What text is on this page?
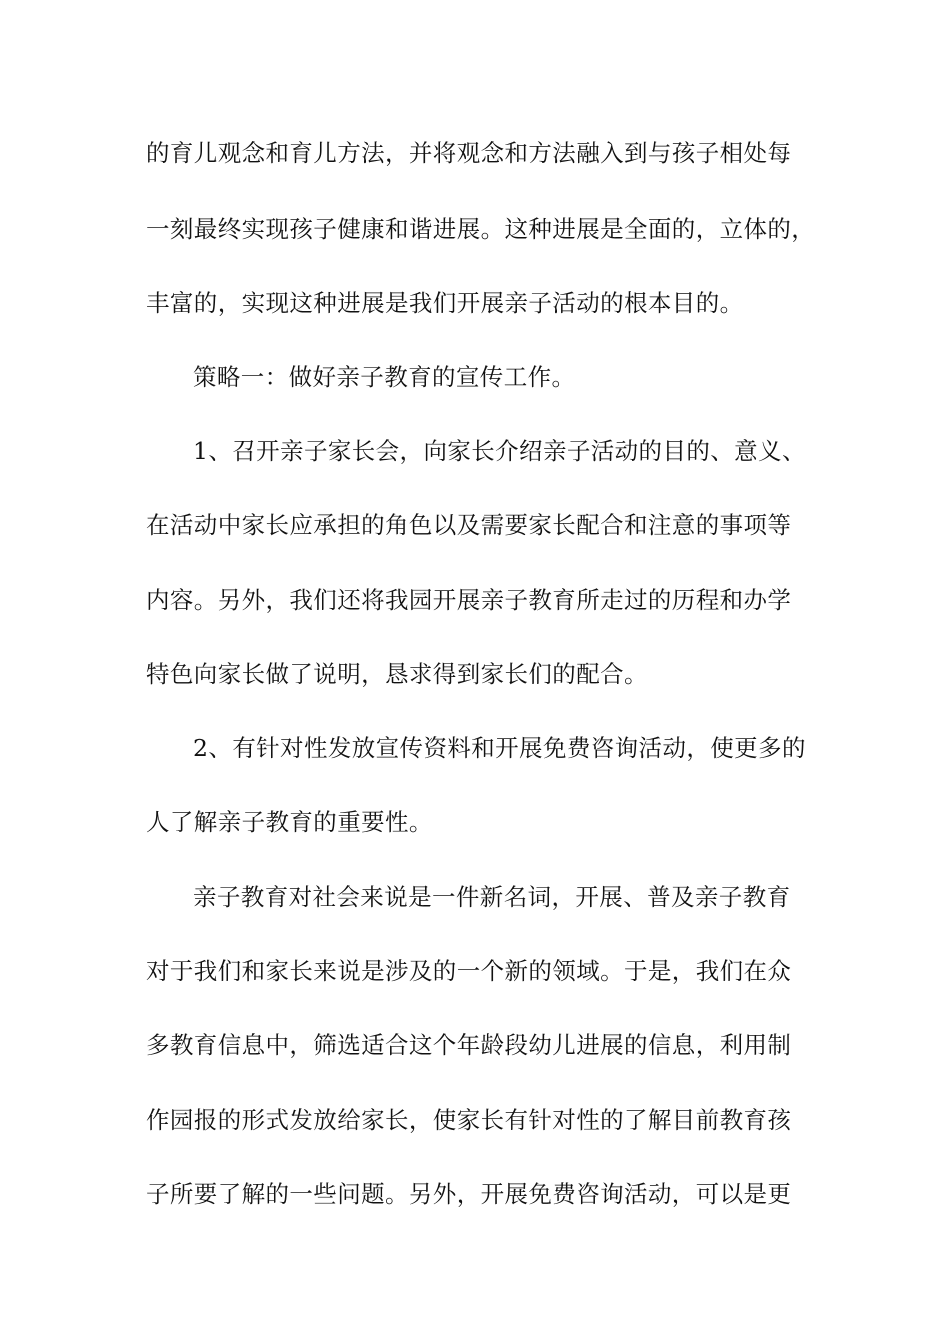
的育儿观念和育儿方法，并将观念和方法融入到与孩子相处每
一刻最终实现孩子健康和谐进展。这种进展是全面的，立体的，
丰富的，实现这种进展是我们开展亲子活动的根本目的。
策略一：做好亲子教育的宣传工作。
1、召开亲子家长会，向家长介绍亲子活动的目的、意义、
在活动中家长应承担的角色以及需要家长配合和注意的事项等
内容。另外，我们还将我园开展亲子教育所走过的历程和办学
特色向家长做了说明，恳求得到家长们的配合。
2、有针对性发放宣传资料和开展免费咨询活动，使更多的
人了解亲子教育的重要性。
亲子教育对社会来说是一件新名词，开展、普及亲子教育
对于我们和家长来说是涉及的一个新的领域。于是，我们在众
多教育信息中，筛选适合这个年龄段幼儿进展的信息，利用制
作园报的形式发放给家长，使家长有针对性的了解目前教育孩
子所要了解的一些问题。另外，开展免费咨询活动，可以是更
